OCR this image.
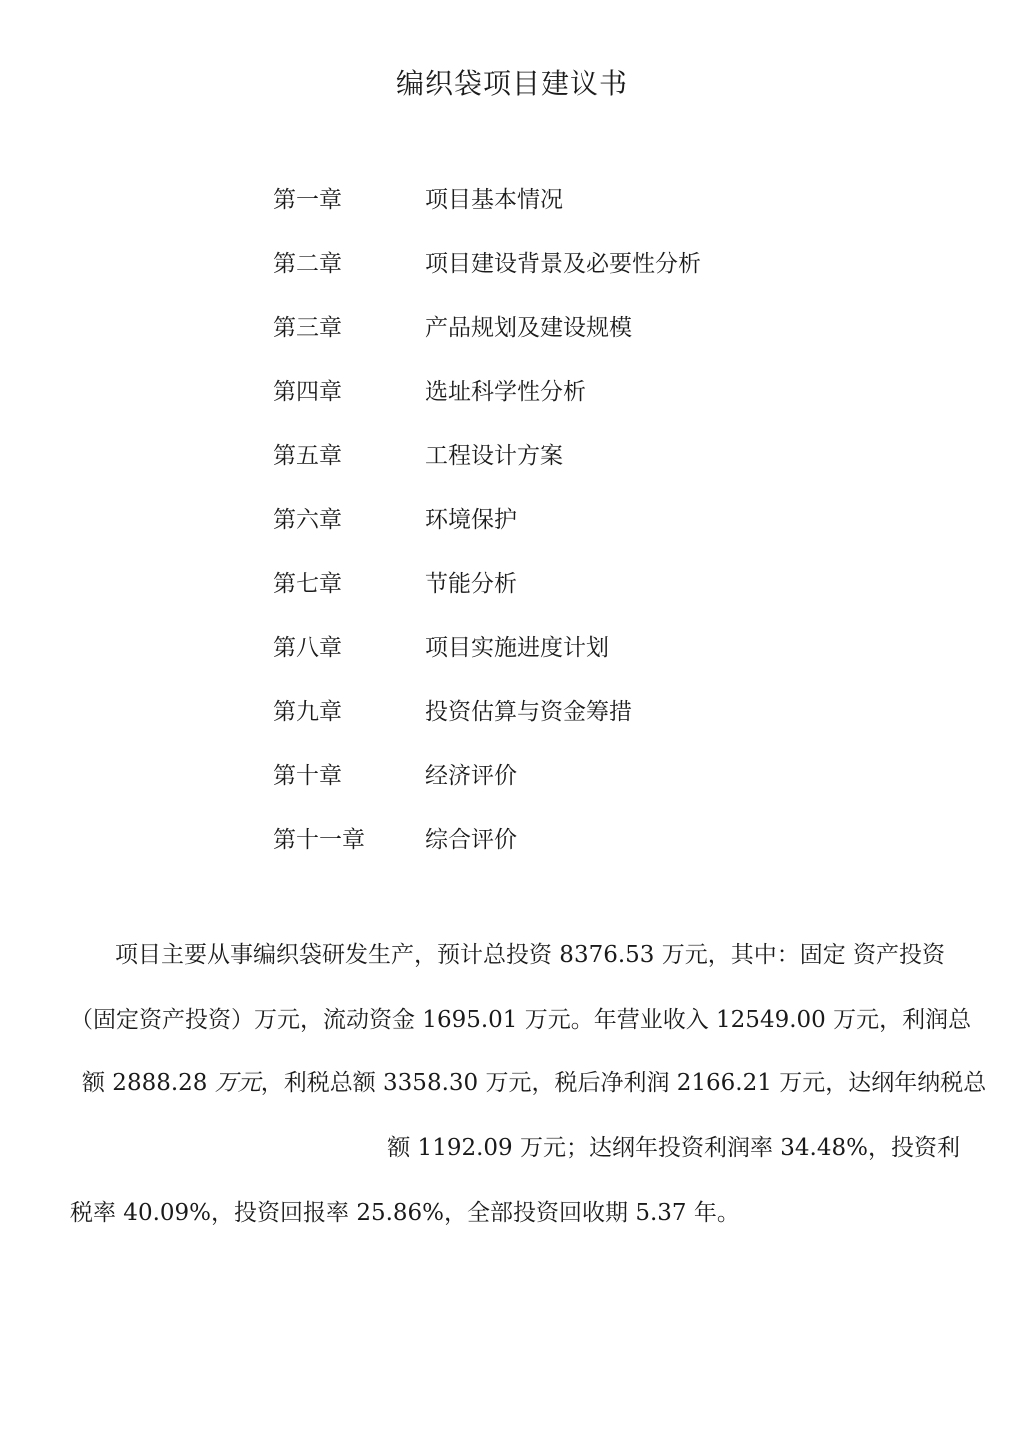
编织袋项目建议书
第一章	项目基本情况
第二章	项目建设背景及必要性分析
第三章	产品规划及建设规模
第四章	选址科学性分析
第五章	工程设计方案
第六章	环境保护
第七章	节能分析
第八章	项目实施进度计划
第九章	投资估算与资金筹措
第十章	经济评价
第十一章	综合评价
项目主要从事编织袋研发生产，预计总投资 8376.53 万元，其中：固定 资产投资
（固定资产投资）万元，流动资金 1695.01 万元。年营业收入 12549.00 万元，利润总
额 2888.28 万元，利税总额 3358.30 万元，税后净利润 2166.21 万元，达纲年纳税总
额 1192.09 万元；达纲年投资利润率 34.48%，投资利
税率 40.09%，投资回报率 25.86%，全部投资回收期 5.37 年。
